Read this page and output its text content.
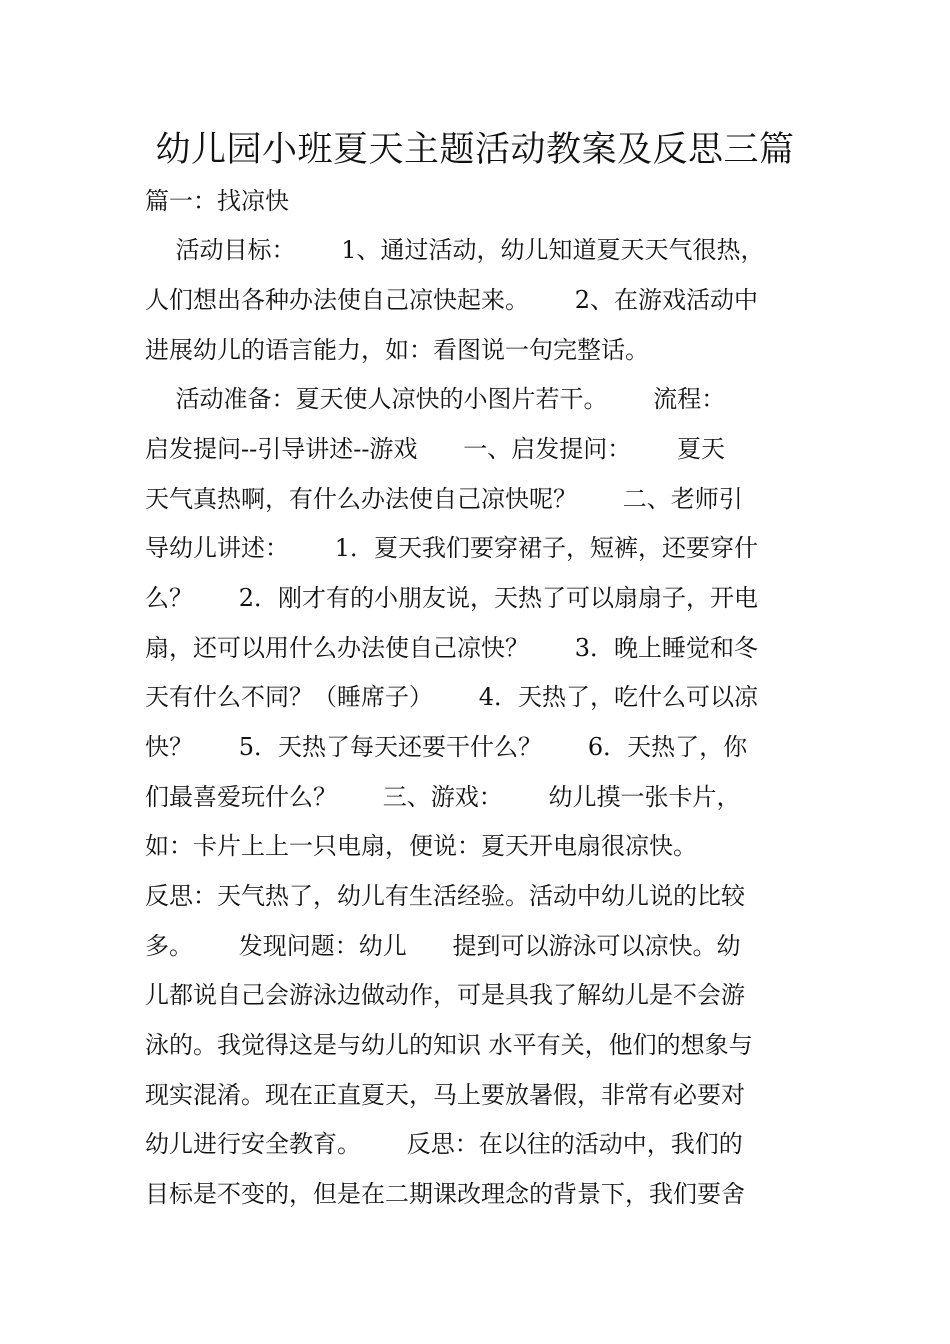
幼儿园小班夏天主题活动教案及反思三篇
篇一：找凉快
活动目标：      1、通过活动，幼儿知道夏天天气很热，
人们想出各种办法使自己凉快起来。      2、在游戏活动中
进展幼儿的语言能力，如：看图说一句完整话。
活动准备：夏天使人凉快的小图片若干。      流程：
启发提问--引导讲述--游戏      一、启发提问：      夏天
天气真热啊，有什么办法使自己凉快呢？      二、老师引
导幼儿讲述：      1．夏天我们要穿裙子，短裤，还要穿什
么？      2．刚才有的小朋友说，天热了可以扇扇子，开电
扇，还可以用什么办法使自己凉快？      3．晚上睡觉和冬
天有什么不同？（睡席子）      4．天热了，吃什么可以凉
快？      5．天热了每天还要干什么？      6．天热了，你
们最喜爱玩什么？      三、游戏：      幼儿摸一张卡片，
如：卡片上上一只电扇，便说：夏天开电扇很凉快。
反思：天气热了，幼儿有生活经验。活动中幼儿说的比较
多。      发现问题：幼儿      提到可以游泳可以凉快。幼
儿都说自己会游泳边做动作，可是具我了解幼儿是不会游
泳的。我觉得这是与幼儿的知识 水平有关，他们的想象与
现实混淆。现在正直夏天，马上要放暑假，非常有必要对
幼儿进行安全教育。      反思：在以往的活动中，我们的
目标是不变的，但是在二期课改理念的背景下，我们要舍
